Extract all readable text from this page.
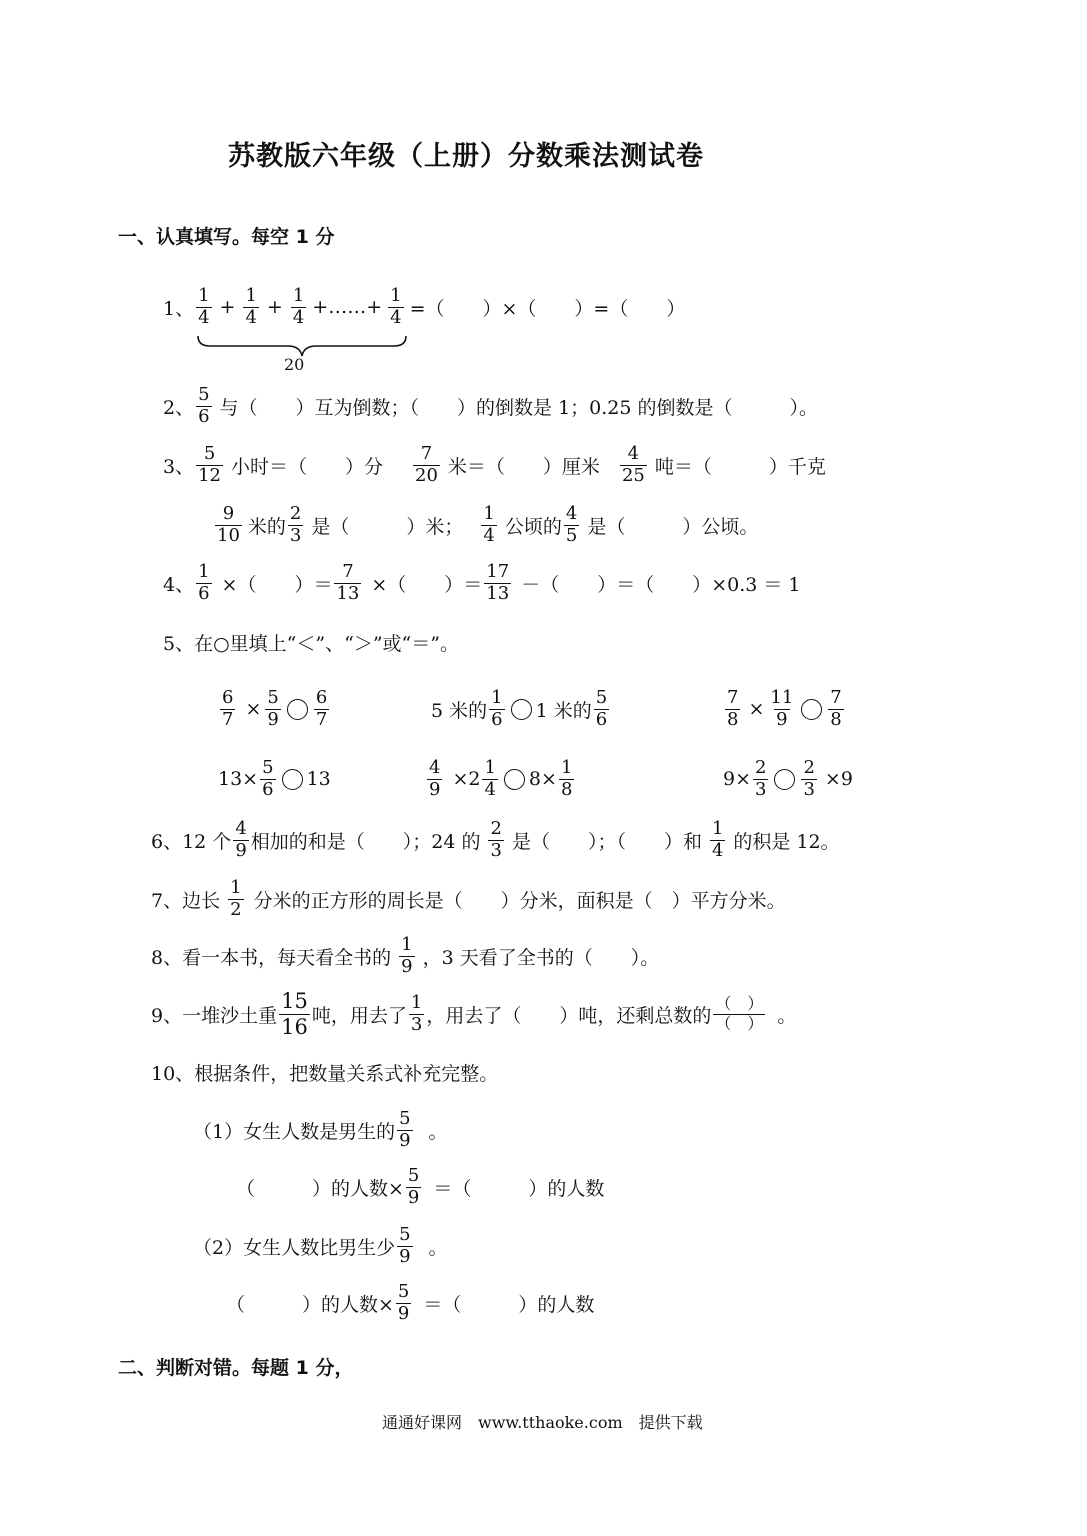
苏教版六年级（上册）分数乘法测试卷
一、认真填写。每空 1 分
1、 $\frac{1}{4} + \frac{1}{4} + \frac{1}{4}$ +……+ $\frac{1}{4}$ =（　　）×（　　）=（　　）
20
2、 $\frac{5}{6}$ 与（　　）互为倒数；（　　）的倒数是 1；0.25 的倒数是（　　　）。
3、 $\frac{5}{12}$ 小时＝（　　）分 $\frac{7}{20}$ 米＝（　　）厘米 $\frac{4}{25}$ 吨＝（　　　）千克
$\frac{9}{10}$ 米的 $\frac{2}{3}$ 是（　　　）米； $\frac{1}{4}$ 公顷的 $\frac{4}{5}$ 是（　　　）公顷。
4、 $\frac{1}{6}$ ×（　　）＝ $\frac{7}{13}$ ×（　　）＝ $\frac{17}{13}$ －（　　）＝（　　）×0.3 ＝ 1
5、 在○里填上“＜”、“＞”或“＝”。
$\frac{6}{7} \times \frac{5}{9} \frac{6}{7}$	5 米的 $\frac{1}{6} 1$ 米的 $\frac{5}{6}$	$\frac{7}{8} \times \frac{11}{9} \frac{7}{8}$
$13\times \frac{5}{6} 13$	$\frac{4}{9} \times 2 \frac{1}{4} 8\times \frac{1}{8}$	$9\times \frac{2}{3} \frac{2}{3} \times 9$
6、 12 个 $\frac{4}{9}$ 相加的和是（　　）；24 的 $\frac{2}{3}$ 是（　　）；（　　）和 $\frac{1}{4}$ 的积是 12。
7、 边长 $\frac{1}{2}$ 分米的正方形的周长是（　　）分米，面积是（　）平方分米。
8、 看一本书，每天看全书的 $\frac{1}{9}$ ，3 天看了全书的（　　）。
9、 一堆沙土重 $\frac{15}{16}$ 吨，用去了 $\frac{1}{3}$ ，用去了（　　）吨，还剩总数的 $\frac{( )}{( )}$ 。
10、 根据条件，把数量关系式补充完整。
（1）女生人数是男生的 $\frac{5}{9}$ 。
（　　　）的人数× $\frac{5}{9}$ ＝（　　　）的人数
（2）女生人数比男生少 $\frac{5}{9}$ 。
（　　　）的人数× $\frac{5}{9}$ ＝（　　　）的人数
二、判断对错。每题 1 分，
通通好课网　www.tthaoke.com　提供下载
